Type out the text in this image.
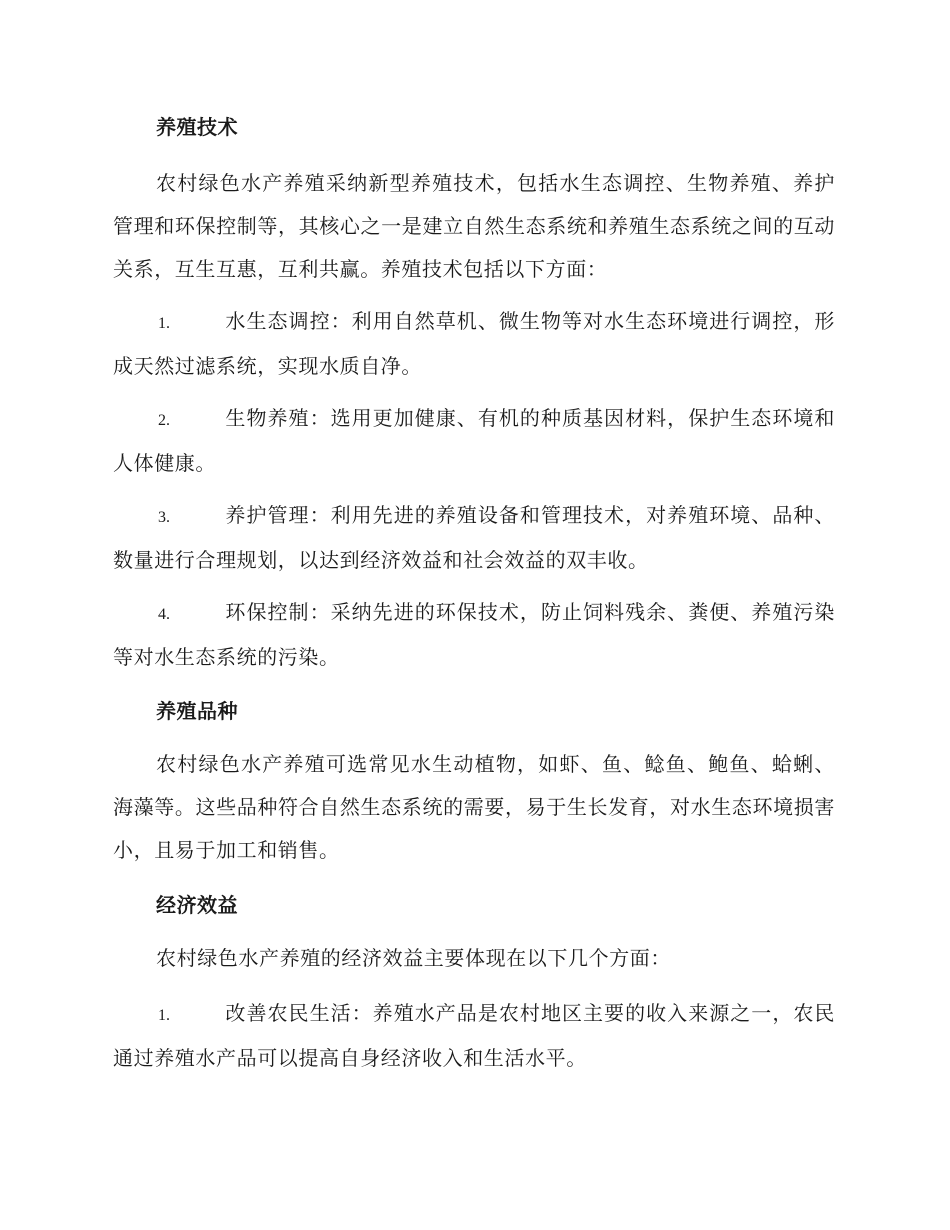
养殖技术

农村绿色水产养殖采纳新型养殖技术，包括水生态调控、生物养殖、养护管理和环保控制等，其核心之一是建立自然生态系统和养殖生态系统之间的互动关系，互生互惠，互利共赢。养殖技术包括以下方面：

1.	水生态调控：利用自然草机、微生物等对水生态环境进行调控，形成天然过滤系统，实现水质自净。

2.	生物养殖：选用更加健康、有机的种质基因材料，保护生态环境和人体健康。

3.	养护管理：利用先进的养殖设备和管理技术，对养殖环境、品种、数量进行合理规划，以达到经济效益和社会效益的双丰收。

4.	环保控制：采纳先进的环保技术，防止饲料残余、粪便、养殖污染等对水生态系统的污染。

养殖品种

农村绿色水产养殖可选常见水生动植物，如虾、鱼、鲶鱼、鲍鱼、蛤蜊、海藻等。这些品种符合自然生态系统的需要，易于生长发育，对水生态环境损害小，且易于加工和销售。

经济效益

农村绿色水产养殖的经济效益主要体现在以下几个方面：

1.	改善农民生活：养殖水产品是农村地区主要的收入来源之一，农民通过养殖水产品可以提高自身经济收入和生活水平。
